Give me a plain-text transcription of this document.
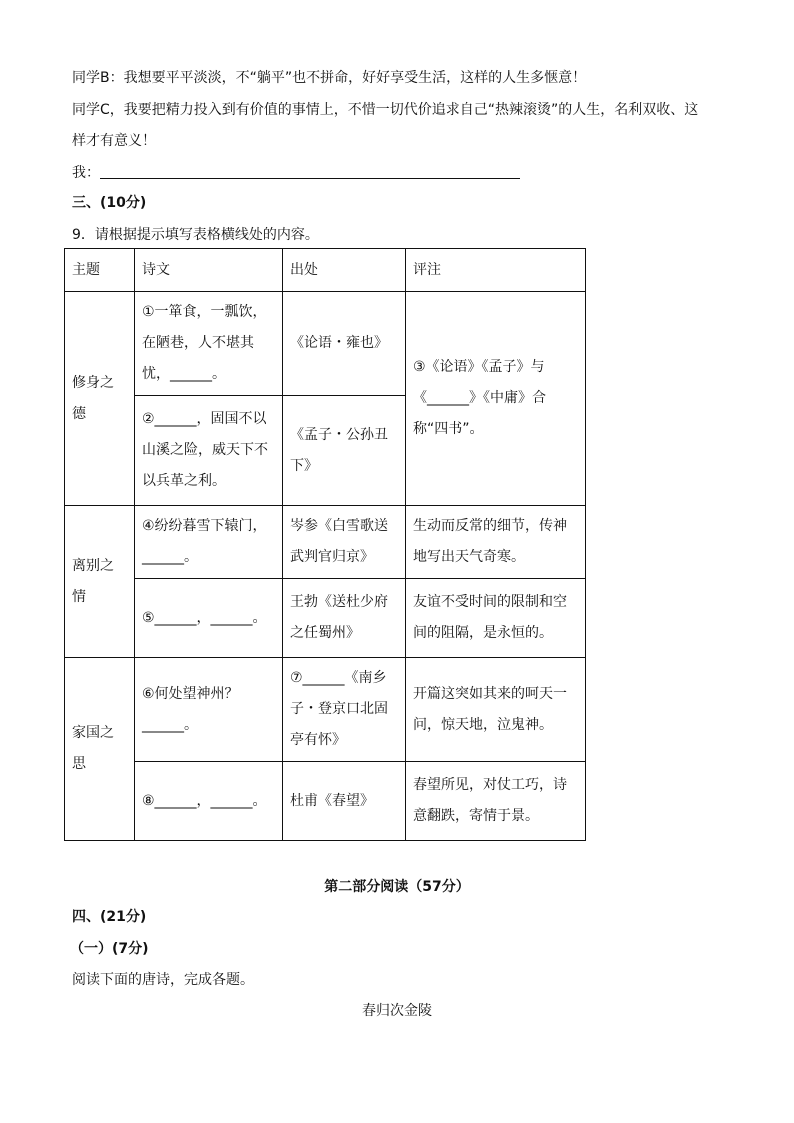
同学B：我想要平平淡淡，不“躺平”也不拼命，好好享受生活，这样的人生多惬意！
同学C，我要把精力投入到有价值的事情上，不惜一切代价追求自己“热辣滚烫”的人生，名利双收、这
样才有意义！
我：
三、(10分)
9．请根据提示填写表格横线处的内容。
主题	诗文	出处	评注
修身之德	①一箪食，一瓢饮，在陋巷，人不堪其忧，______。	《论语・雍也》	③《论语》《孟子》与《______》《中庸》合称“四书”。
	②______，固国不以山溪之险，威天下不以兵革之利。	《孟子・公孙丑下》	
离别之情	④纷纷暮雪下辕门，______。	岑参《白雪歌送武判官归京》	生动而反常的细节，传神地写出天气奇寒。
	⑤______，______。	王勃《送杜少府之任蜀州》	友谊不受时间的限制和空间的阻隔，是永恒的。
家国之思	⑥何处望神州？______。	⑦______《南乡子・登京口北固亭有怀》	开篇这突如其来的呵天一问，惊天地，泣鬼神。
	⑧______，______。	杜甫《春望》	春望所见，对仗工巧，诗意翻跌，寄情于景。
第二部分阅读（57分）
四、(21分)
（一）(7分)
阅读下面的唐诗，完成各题。
春归次金陵
